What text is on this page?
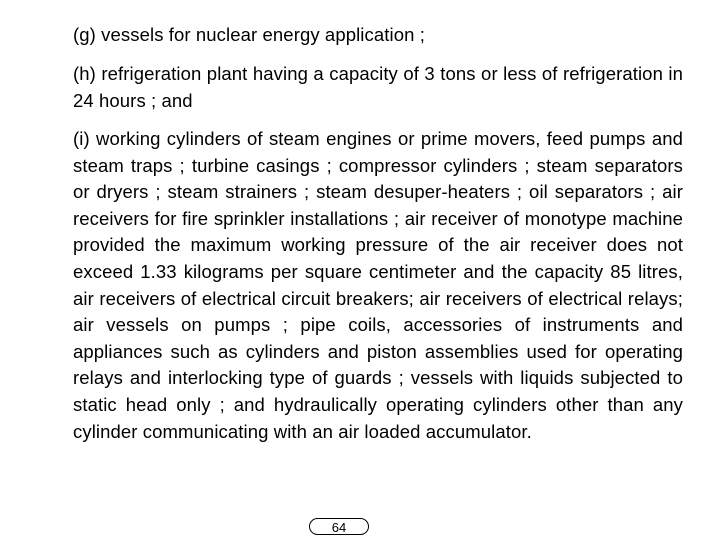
(g) vessels for nuclear energy application ;

(h) refrigeration plant having a capacity of 3 tons or less of refrigeration in 24 hours ; and

(i) working cylinders of steam engines or prime movers, feed pumps and steam traps ; turbine casings ; compressor cylinders ; steam separators or dryers ; steam strainers ; steam desuper-heaters ; oil separators ; air receivers for fire sprinkler installations ; air receiver of monotype machine provided the maximum working pressure of the air receiver does not exceed 1.33 kilograms per square centimeter and the capacity 85 litres, air receivers of electrical circuit breakers; air receivers of electrical relays; air vessels on pumps ; pipe coils, accessories of instruments and appliances such as cylinders and piston assemblies used for operating relays and interlocking type of guards ; vessels with liquids subjected to static head only ; and hydraulically operating cylinders other than any cylinder communicating with an air loaded accumulator.

64
